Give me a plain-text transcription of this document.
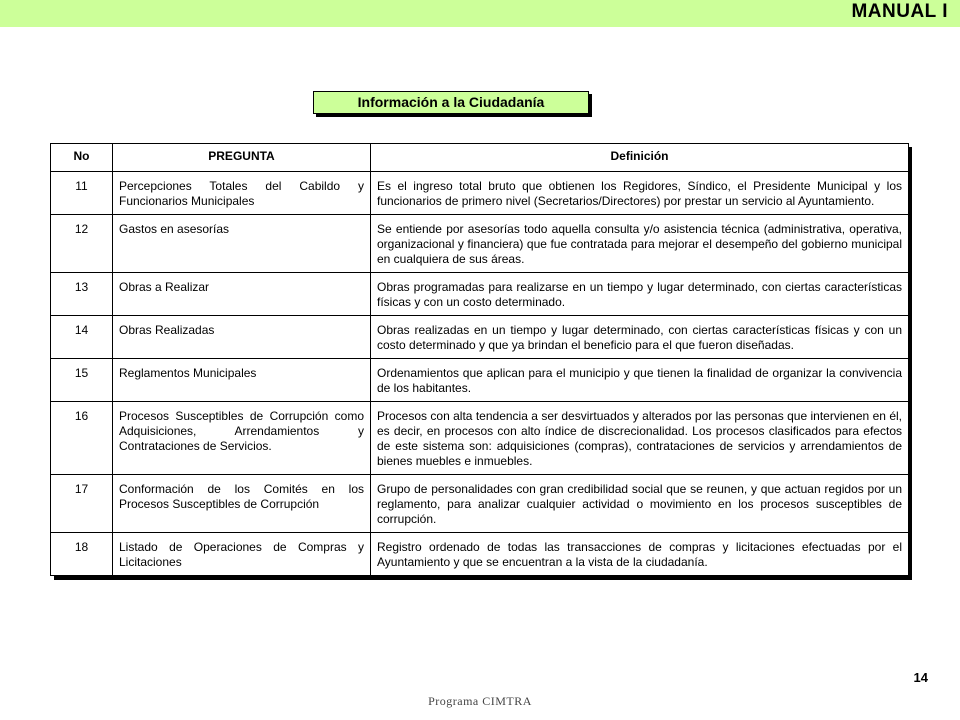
MANUAL I
Información a la Ciudadanía
No	PREGUNTA	Definición
11	Percepciones Totales del Cabildo y Funcionarios Municipales	Es el ingreso total bruto que obtienen los Regidores, Síndico, el Presidente Municipal y los funcionarios de primero nivel (Secretarios/Directores) por prestar un servicio al Ayuntamiento.
12	Gastos en asesorías	Se entiende por asesorías todo aquella consulta y/o asistencia técnica (administrativa, operativa, organizacional y financiera) que fue contratada para mejorar el desempeño del gobierno municipal en cualquiera de sus áreas.
13	Obras a Realizar	Obras programadas para realizarse en un tiempo y lugar determinado, con ciertas características físicas y con un costo determinado.
14	Obras Realizadas	Obras realizadas en un tiempo y lugar determinado, con ciertas características físicas y con un costo determinado y que ya brindan el beneficio para el que fueron diseñadas.
15	Reglamentos Municipales	Ordenamientos que aplican para el municipio y que tienen la finalidad de organizar la convivencia de los habitantes.
16	Procesos Susceptibles de Corrupción como Adquisiciones, Arrendamientos y Contrataciones de Servicios.	Procesos con alta tendencia a ser desvirtuados y alterados por las personas que intervienen en él, es decir, en procesos con alto índice de discrecionalidad. Los procesos clasificados para efectos de este sistema son: adquisiciones (compras), contrataciones de servicios y arrendamientos de bienes muebles e inmuebles.
17	Conformación de los Comités en los Procesos Susceptibles de Corrupción	Grupo de personalidades con gran credibilidad social que se reunen, y que actuan regidos por un reglamento, para analizar cualquier actividad o movimiento en los procesos susceptibles de corrupción.
18	Listado de Operaciones de Compras y Licitaciones	Registro ordenado de todas las transacciones de compras y licitaciones efectuadas por el Ayuntamiento y que se encuentran a la vista de la ciudadanía.
14
Programa CIMTRA
